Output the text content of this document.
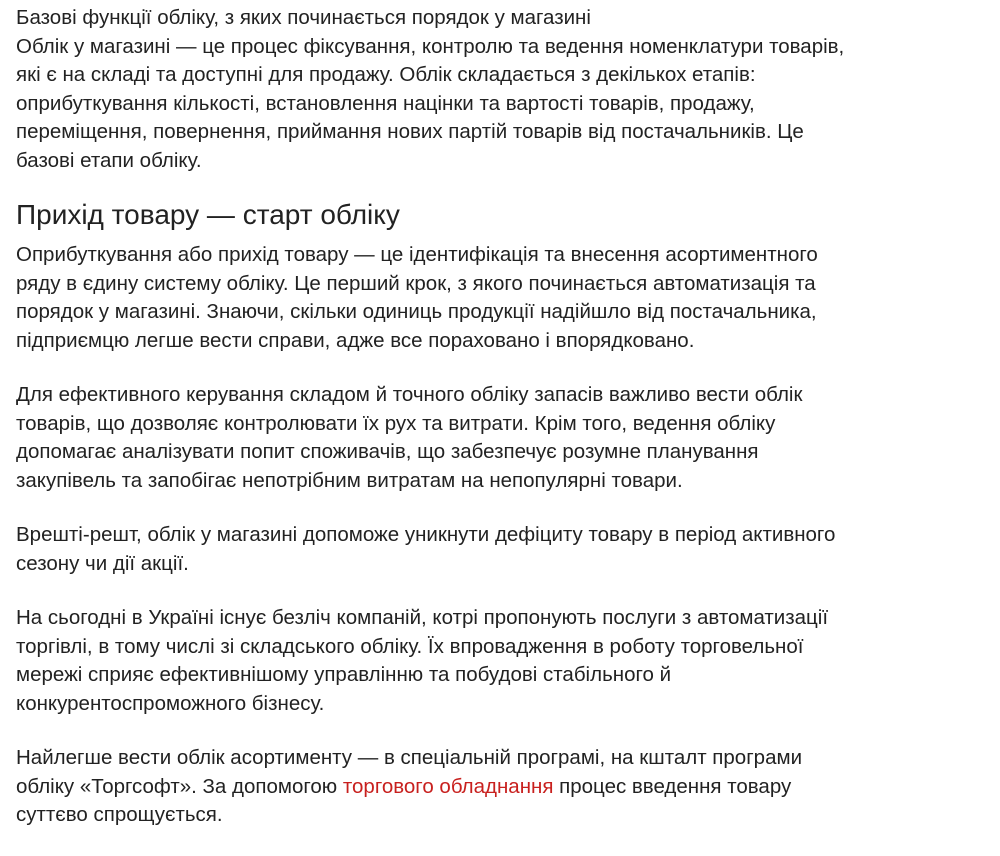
Базові функції обліку, з яких починається порядок у магазині
Облік у магазині — це процес фіксування, контролю та ведення номенклатури товарів,
які є на складі та доступні для продажу. Облік складається з декількох етапів:
оприбуткування кількості, встановлення націнки та вартості товарів, продажу,
переміщення, повернення, приймання нових партій товарів від постачальників. Це
базові етапи обліку.
Прихід товару — старт обліку

Оприбуткування або прихід товару — це ідентифікація та внесення асортиментного
ряду в єдину систему обліку. Це перший крок, з якого починається автоматизація та
порядок у магазині. Знаючи, скільки одиниць продукції надійшло від постачальника,
підприємцю легше вести справи, адже все пораховано і впорядковано.

Для ефективного керування складом й точного обліку запасів важливо вести облік
товарів, що дозволяє контролювати їх рух та витрати. Крім того, ведення обліку
допомагає аналізувати попит споживачів, що забезпечує розумне планування
закупівель та запобігає непотрібним витратам на непопулярні товари.

Врешті-решт, облік у магазині допоможе уникнути дефіциту товару в період активного
сезону чи дії акції.

На сьогодні в Україні існує безліч компаній, котрі пропонують послуги з автоматизації
торгівлі, в тому числі зі складського обліку. Їх впровадження в роботу торговельної
мережі сприяє ефективнішому управлінню та побудові стабільного й
конкурентоспроможного бізнесу.

Найлегше вести облік асортименту — в спеціальній програмі, на кшталт програми
обліку «Торгсофт». За допомогою торгового обладнання процес введення товару
суттєво спрощується.
